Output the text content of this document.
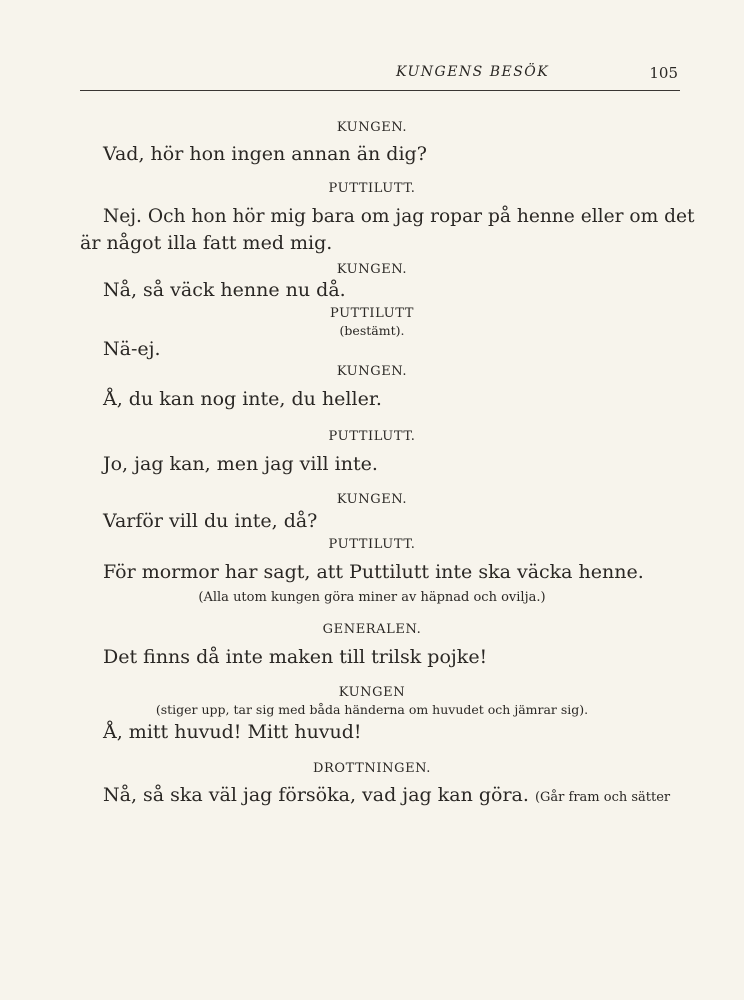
KUNGENS BESÖK	105
KUNGEN.
Vad, hör hon ingen annan än dig?
PUTTILUTT.
Nej. Och hon hör mig bara om jag ropar på henne eller om det
är något illa fatt med mig.
KUNGEN.
Nå, så väck henne nu då.
PUTTILUTT
(bestämt).
Nä-ej.
KUNGEN.
Å, du kan nog inte, du heller.
PUTTILUTT.
Jo, jag kan, men jag vill inte.
KUNGEN.
Varför vill du inte, då?
PUTTILUTT.
För mormor har sagt, att Puttilutt inte ska väcka henne.
(Alla utom kungen göra miner av häpnad och ovilja.)
GENERALEN.
Det finns då inte maken till trilsk pojke!
KUNGEN
(stiger upp, tar sig med båda händerna om huvudet och jämrar sig).
Å, mitt huvud! Mitt huvud!
DROTTNINGEN.
Nå, så ska väl jag försöka, vad jag kan göra. (Går fram och sätter
